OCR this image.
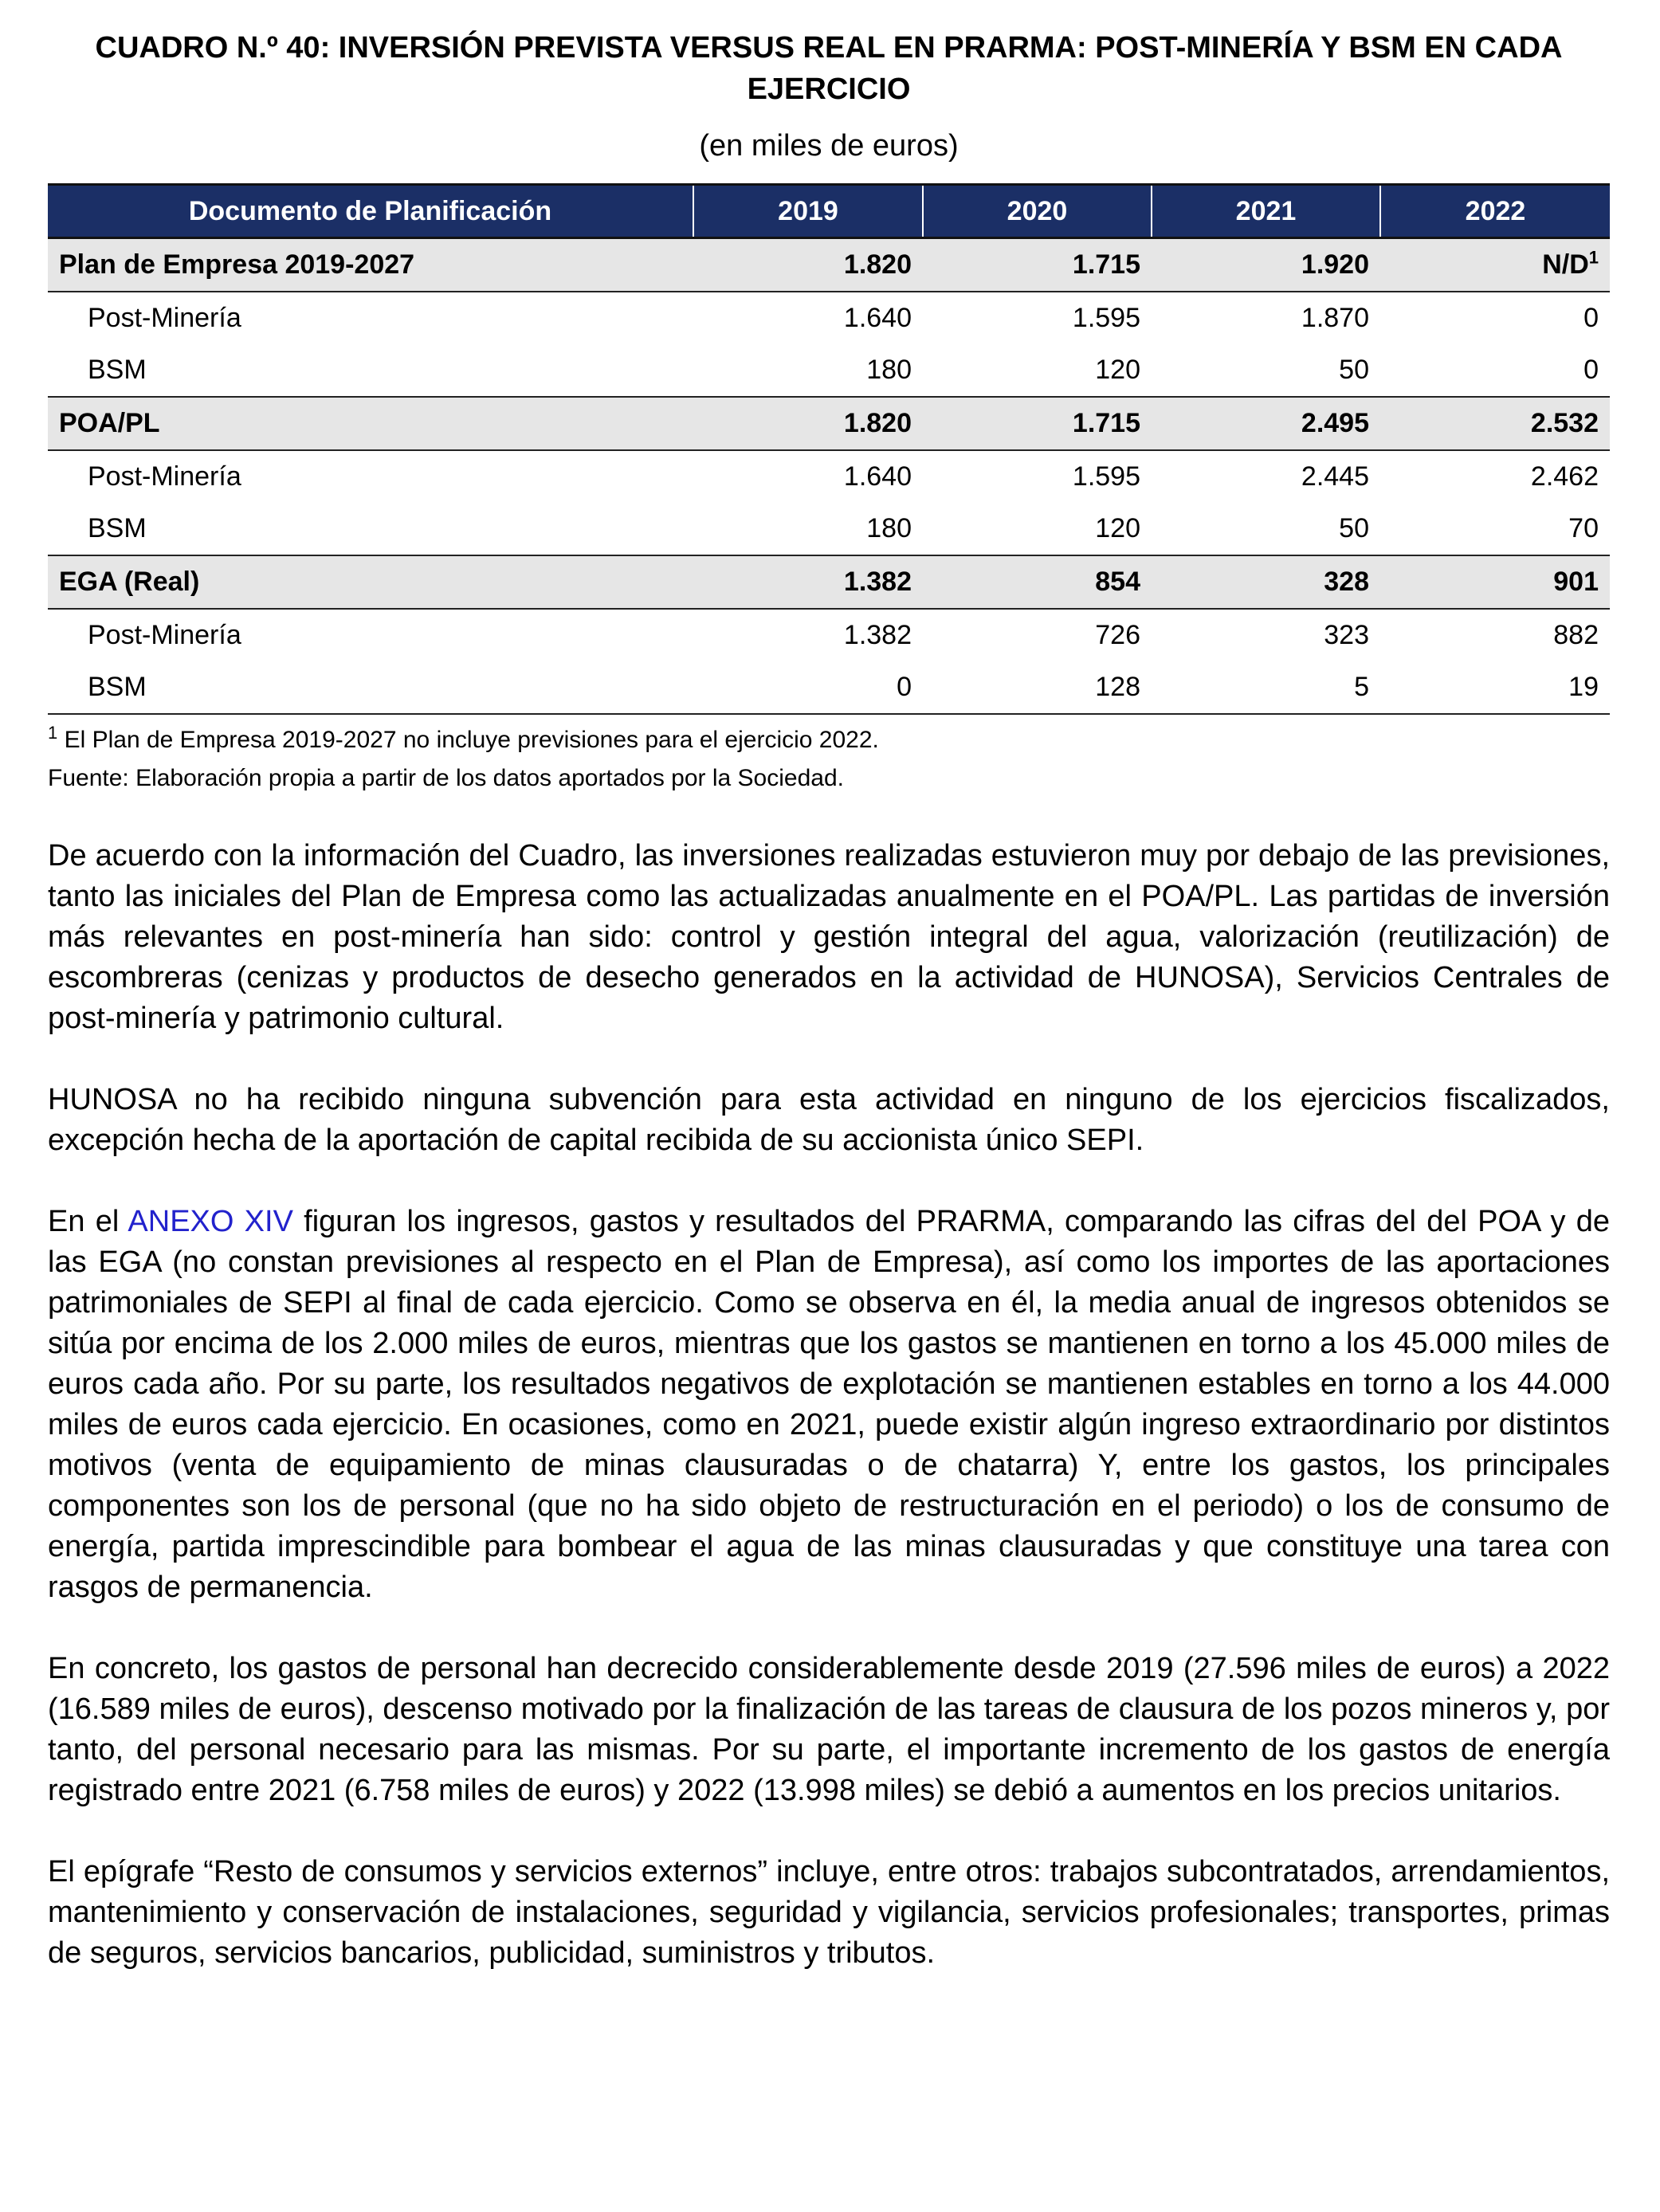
CUADRO N.º 40: INVERSIÓN PREVISTA VERSUS REAL EN PRARMA: POST-MINERÍA Y BSM EN CADA EJERCICIO
(en miles de euros)
Documento de Planificación	2019	2020	2021	2022
Plan de Empresa 2019-2027	1.820	1.715	1.920	$N/D^1$
Post-Minería	1.640	1.595	1.870	0
BSM	180	120	50	0
POA/PL	1.820	1.715	2.495	2.532
Post-Minería	1.640	1.595	2.445	2.462
BSM	180	120	50	70
EGA (Real)	1.382	854	328	901
Post-Minería	1.382	726	323	882
BSM	0	128	5	19
$^1$ El Plan de Empresa 2019-2027 no incluye previsiones para el ejercicio 2022.
Fuente: Elaboración propia a partir de los datos aportados por la Sociedad.

De acuerdo con la información del Cuadro, las inversiones realizadas estuvieron muy por debajo de las previsiones, tanto las iniciales del Plan de Empresa como las actualizadas anualmente en el POA/PL. Las partidas de inversión más relevantes en post-minería han sido: control y gestión integral del agua, valorización (reutilización) de escombreras (cenizas y productos de desecho generados en la actividad de HUNOSA), Servicios Centrales de post-minería y patrimonio cultural.

HUNOSA no ha recibido ninguna subvención para esta actividad en ninguno de los ejercicios fiscalizados, excepción hecha de la aportación de capital recibida de su accionista único SEPI.

En el ANEXO XIV figuran los ingresos, gastos y resultados del PRARMA, comparando las cifras del del POA y de las EGA (no constan previsiones al respecto en el Plan de Empresa), así como los importes de las aportaciones patrimoniales de SEPI al final de cada ejercicio. Como se observa en él, la media anual de ingresos obtenidos se sitúa por encima de los 2.000 miles de euros, mientras que los gastos se mantienen en torno a los 45.000 miles de euros cada año. Por su parte, los resultados negativos de explotación se mantienen estables en torno a los 44.000 miles de euros cada ejercicio. En ocasiones, como en 2021, puede existir algún ingreso extraordinario por distintos motivos (venta de equipamiento de minas clausuradas o de chatarra) Y, entre los gastos, los principales componentes son los de personal (que no ha sido objeto de restructuración en el periodo) o los de consumo de energía, partida imprescindible para bombear el agua de las minas clausuradas y que constituye una tarea con rasgos de permanencia.

En concreto, los gastos de personal han decrecido considerablemente desde 2019 (27.596 miles de euros) a 2022 (16.589 miles de euros), descenso motivado por la finalización de las tareas de clausura de los pozos mineros y, por tanto, del personal necesario para las mismas. Por su parte, el importante incremento de los gastos de energía registrado entre 2021 (6.758 miles de euros) y 2022 (13.998 miles) se debió a aumentos en los precios unitarios.

El epígrafe “Resto de consumos y servicios externos” incluye, entre otros: trabajos subcontratados, arrendamientos, mantenimiento y conservación de instalaciones, seguridad y vigilancia, servicios profesionales; transportes, primas de seguros, servicios bancarios, publicidad, suministros y tributos.
